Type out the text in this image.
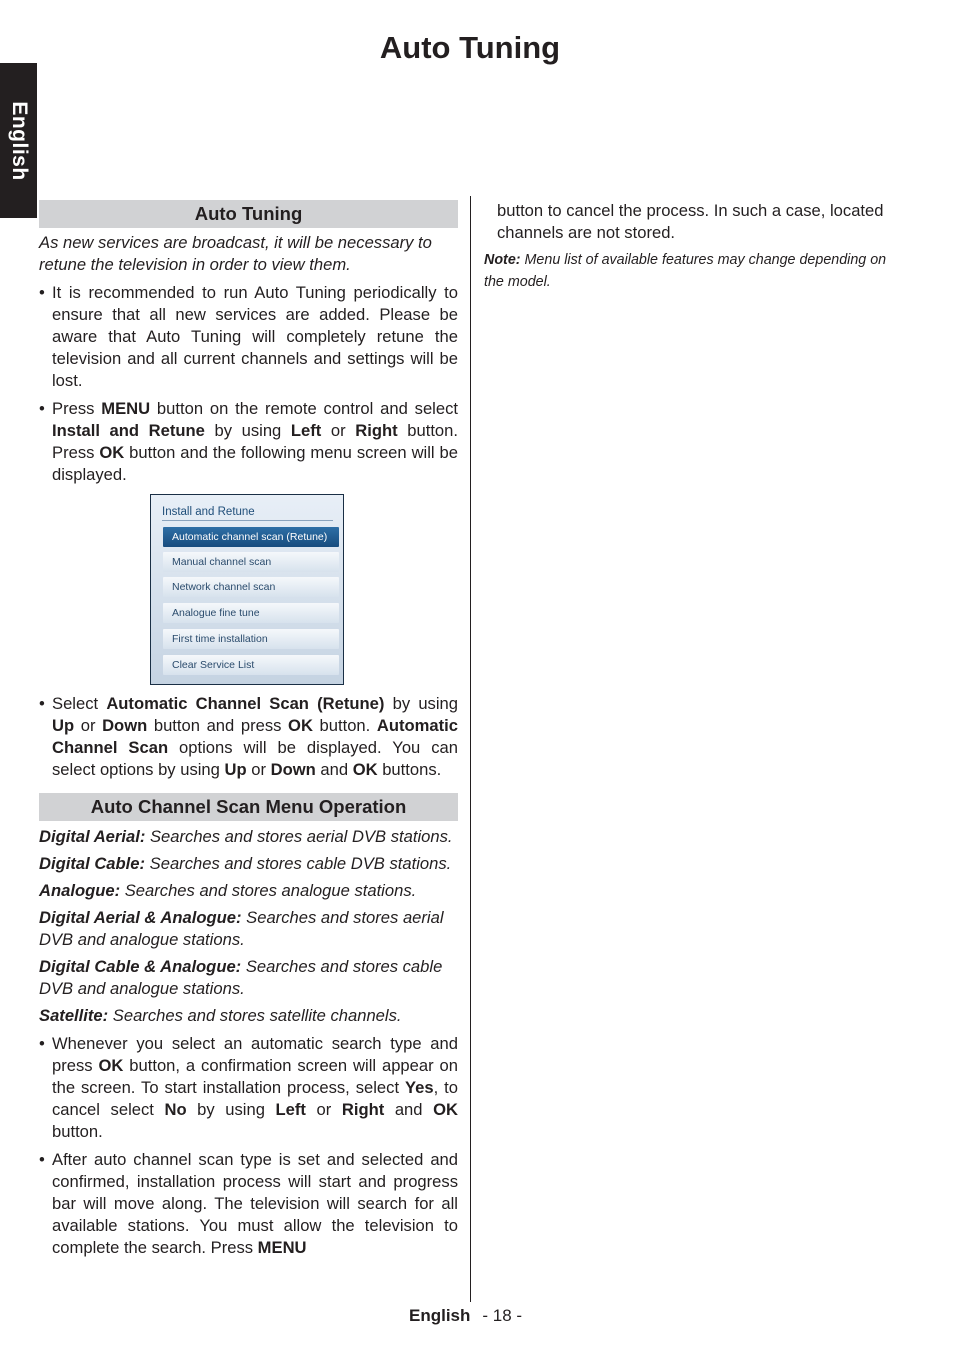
Auto Tuning
English
Auto Tuning

As new services are broadcast, it will be necessary to retune the television in order to view them.

• It is recommended to run Auto Tuning periodically to ensure that all new services are added. Please be aware that Auto Tuning will completely retune the television and all current channels and settings will be lost.
• Press MENU button on the remote control and select Install and Retune by using Left or Right button. Press OK button and the following menu screen will be displayed.
Install and Retune
Automatic channel scan (Retune)
Manual channel scan
Network channel scan
Analogue fine tune
First time installation
Clear Service List
• Select Automatic Channel Scan (Retune) by using Up or Down button and press OK button. Automatic Channel Scan options will be displayed. You can select options by using Up or Down and OK buttons.
Auto Channel Scan Menu Operation

Digital Aerial: Searches and stores aerial DVB stations.

Digital Cable: Searches and stores cable DVB stations.

Analogue: Searches and stores analogue stations.

Digital Aerial & Analogue: Searches and stores aerial DVB and analogue stations.

Digital Cable & Analogue: Searches and stores cable DVB and analogue stations.

Satellite: Searches and stores satellite channels.

• Whenever you select an automatic search type and press OK button, a confirmation screen will appear on the screen. To start installation process, select Yes, to cancel select No by using Left or Right and OK button.
• After auto channel scan type is set and selected and confirmed, installation process will start and progress bar will move along. The television will search for all available stations. You must allow the television to complete the search. Press MENU

button to cancel the process. In such a case, located channels are not stored.

Note: Menu list of available features may change depending on the model.

English - 18 -
